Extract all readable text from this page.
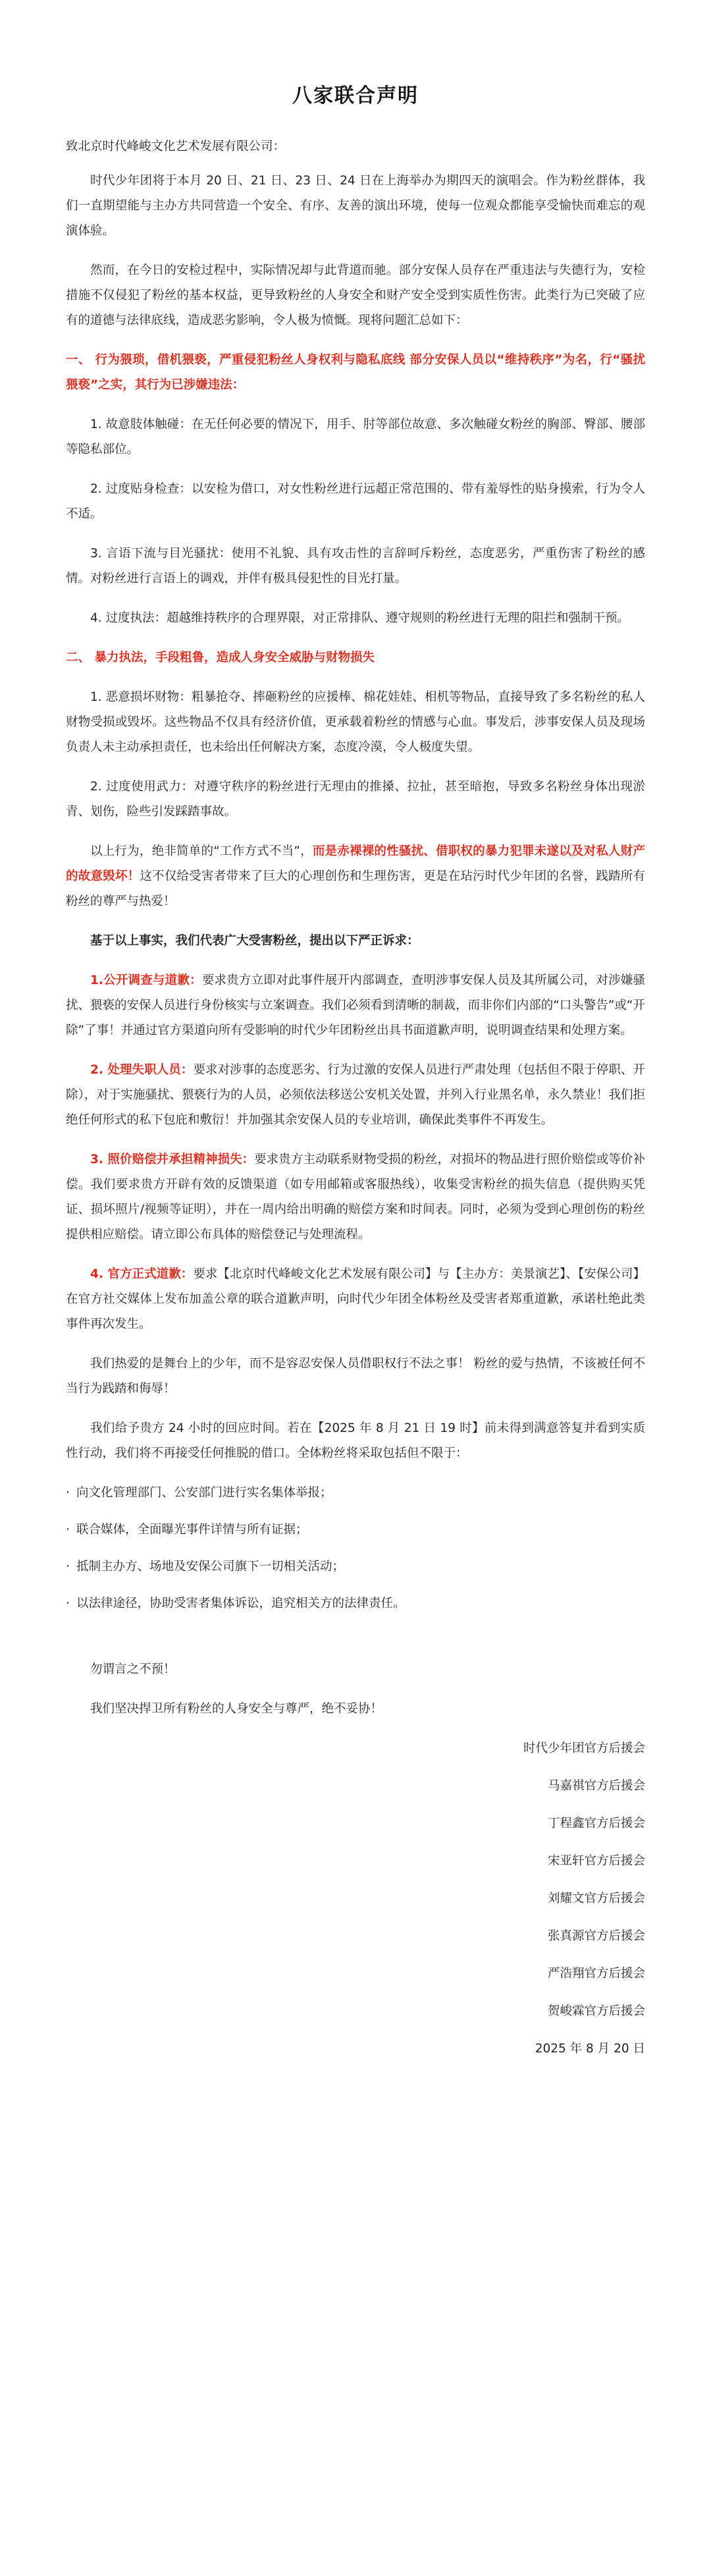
八家联合声明

致北京时代峰峻文化艺术发展有限公司：

时代少年团将于本月 20 日、21 日、23 日、24 日在上海举办为期四天的演唱会。作为粉丝群体，我们一直期望能与主办方共同营造一个安全、有序、友善的演出环境，使每一位观众都能享受愉快而难忘的观演体验。

然而，在今日的安检过程中，实际情况却与此背道而驰。部分安保人员存在严重违法与失德行为，安检措施不仅侵犯了粉丝的基本权益，更导致粉丝的人身安全和财产安全受到实质性伤害。此类行为已突破了应有的道德与法律底线，造成恶劣影响，令人极为愤慨。现将问题汇总如下：

一、 行为猥琐，借机猥亵，严重侵犯粉丝人身权利与隐私底线 部分安保人员以“维持秩序”为名，行“骚扰猥亵”之实，其行为已涉嫌违法：

1. 故意肢体触碰：在无任何必要的情况下，用手、肘等部位故意、多次触碰女粉丝的胸部、臀部、腰部等隐私部位。

2. 过度贴身检查：以安检为借口，对女性粉丝进行远超正常范围的、带有羞辱性的贴身摸索，行为令人不适。

3. 言语下流与目光骚扰：使用不礼貌、具有攻击性的言辞呵斥粉丝，态度恶劣，严重伤害了粉丝的感情。对粉丝进行言语上的调戏，并伴有极具侵犯性的目光打量。

4. 过度执法：超越维持秩序的合理界限，对正常排队、遵守规则的粉丝进行无理的阻拦和强制干预。

二、 暴力执法，手段粗鲁，造成人身安全威胁与财物损失

1. 恶意损坏财物：粗暴抢夺、摔砸粉丝的应援棒、棉花娃娃、相机等物品，直接导致了多名粉丝的私人财物受损或毁坏。这些物品不仅具有经济价值，更承载着粉丝的情感与心血。事发后，涉事安保人员及现场负责人未主动承担责任，也未给出任何解决方案，态度冷漠，令人极度失望。

2. 过度使用武力：对遵守秩序的粉丝进行无理由的推搡、拉扯，甚至暗抱，导致多名粉丝身体出现淤青、划伤，险些引发踩踏事故。

以上行为，绝非简单的“工作方式不当”，而是赤裸裸的性骚扰、借职权的暴力犯罪未遂以及对私人财产的故意毁坏！这不仅给受害者带来了巨大的心理创伤和生理伤害，更是在玷污时代少年团的名誉，践踏所有粉丝的尊严与热爱！

基于以上事实，我们代表广大受害粉丝，提出以下严正诉求：

1.公开调查与道歉：要求贵方立即对此事件展开内部调查，查明涉事安保人员及其所属公司，对涉嫌骚扰、猥亵的安保人员进行身份核实与立案调查。我们必须看到清晰的制裁，而非你们内部的“口头警告”或“开除”了事！并通过官方渠道向所有受影响的时代少年团粉丝出具书面道歉声明，说明调查结果和处理方案。

2. 处理失职人员：要求对涉事的态度恶劣、行为过激的安保人员进行严肃处理（包括但不限于停职、开除），对于实施骚扰、猥亵行为的人员，必须依法移送公安机关处置，并列入行业黑名单，永久禁业！我们拒绝任何形式的私下包庇和敷衍！并加强其余安保人员的专业培训，确保此类事件不再发生。

3. 照价赔偿并承担精神损失：要求贵方主动联系财物受损的粉丝，对损坏的物品进行照价赔偿或等价补偿。我们要求贵方开辟有效的反馈渠道（如专用邮箱或客服热线），收集受害粉丝的损失信息（提供购买凭证、损坏照片/视频等证明），并在一周内给出明确的赔偿方案和时间表。同时，必须为受到心理创伤的粉丝提供相应赔偿。请立即公布具体的赔偿登记与处理流程。

4. 官方正式道歉：要求【北京时代峰峻文化艺术发展有限公司】与【主办方：美景演艺】、【安保公司】在官方社交媒体上发布加盖公章的联合道歉声明，向时代少年团全体粉丝及受害者郑重道歉，承诺杜绝此类事件再次发生。

我们热爱的是舞台上的少年，而不是容忍安保人员借职权行不法之事！ 粉丝的爱与热情，不该被任何不当行为践踏和侮辱！

我们给予贵方 24 小时的回应时间。若在【2025 年 8 月 21 日 19 时】前未得到满意答复并看到实质性行动，我们将不再接受任何推脱的借口。全体粉丝将采取包括但不限于：

· 向文化管理部门、公安部门进行实名集体举报；
· 联合媒体，全面曝光事件详情与所有证据；
· 抵制主办方、场地及安保公司旗下一切相关活动；
· 以法律途径，协助受害者集体诉讼，追究相关方的法律责任。

勿谓言之不预！

我们坚决捍卫所有粉丝的人身安全与尊严，绝不妥协！

时代少年团官方后援会
马嘉祺官方后援会
丁程鑫官方后援会
宋亚轩官方后援会
刘耀文官方后援会
张真源官方后援会
严浩翔官方后援会
贺峻霖官方后援会
2025 年 8 月 20 日
